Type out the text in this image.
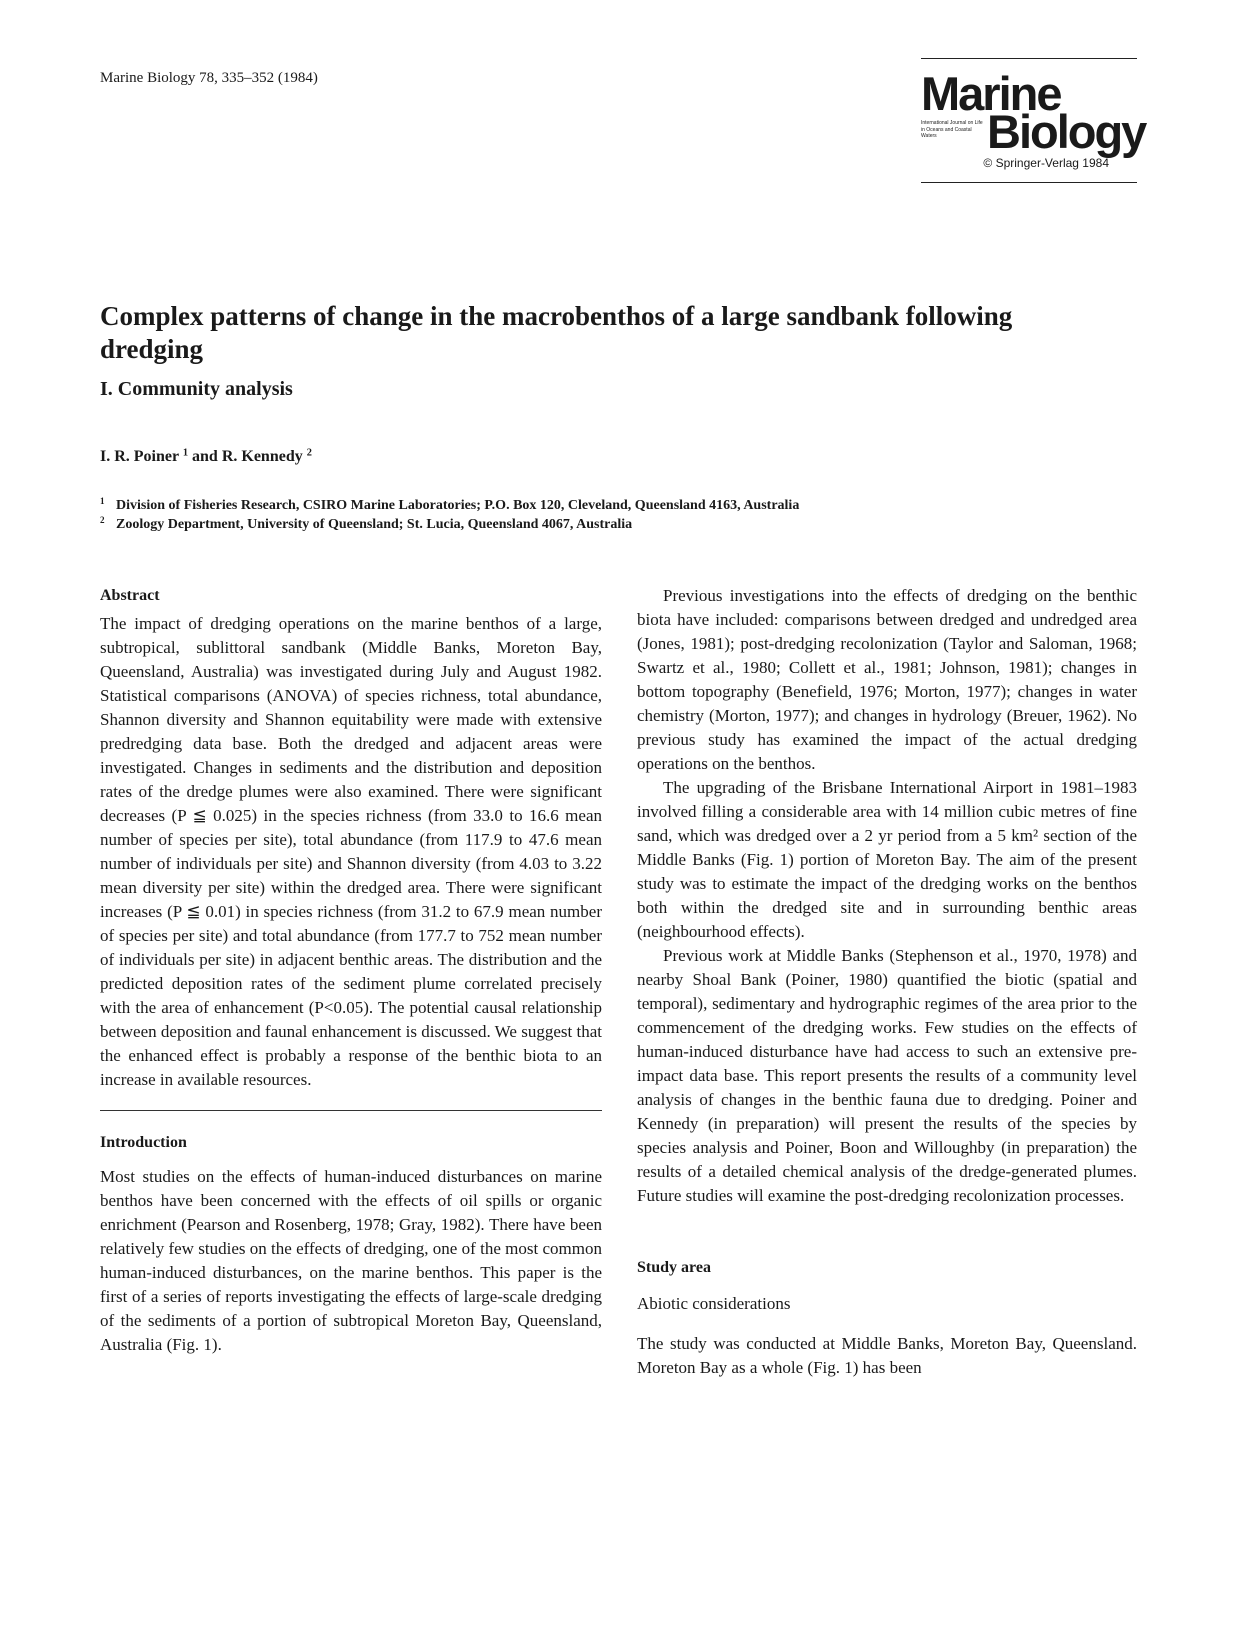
Marine Biology 78, 335–352 (1984)	Marine
International Journal on Life in Oceans and Coastal Waters	Biology
© Springer-Verlag 1984
Complex patterns of change in the macrobenthos of a large sandbank following dredging
I. Community analysis
I. R. Poiner $^1$ and R. Kennedy $^2$
$^1$ Division of Fisheries Research, CSIRO Marine Laboratories; P.O. Box 120, Cleveland, Queensland 4163, Australia
$^2$ Zoology Department, University of Queensland; St. Lucia, Queensland 4067, Australia
Abstract

The impact of dredging operations on the marine benthos of a large, subtropical, sublittoral sandbank (Middle Banks, Moreton Bay, Queensland, Australia) was investigated during July and August 1982. Statistical comparisons (ANOVA) of species richness, total abundance, Shannon diversity and Shannon equitability were made with extensive predredging data base. Both the dredged and adjacent areas were investigated. Changes in sediments and the distribution and deposition rates of the dredge plumes were also examined. There were significant decreases (P ≦ 0.025) in the species richness (from 33.0 to 16.6 mean number of species per site), total abundance (from 117.9 to 47.6 mean number of individuals per site) and Shannon diversity (from 4.03 to 3.22 mean diversity per site) within the dredged area. There were significant increases (P ≦ 0.01) in species richness (from 31.2 to 67.9 mean number of species per site) and total abundance (from 177.7 to 752 mean number of individuals per site) in adjacent benthic areas. The distribution and the predicted deposition rates of the sediment plume correlated precisely with the area of enhancement (P<0.05). The potential causal relationship between deposition and faunal enhancement is discussed. We suggest that the enhanced effect is probably a response of the benthic biota to an increase in available resources.

Introduction

Most studies on the effects of human-induced disturbances on marine benthos have been concerned with the effects of oil spills or organic enrichment (Pearson and Rosenberg, 1978; Gray, 1982). There have been relatively few studies on the effects of dredging, one of the most common human-induced disturbances, on the marine benthos. This paper is the first of a series of reports investigating the effects of large-scale dredging of the sediments of a portion of subtropical Moreton Bay, Queensland, Australia (Fig. 1).

Previous investigations into the effects of dredging on the benthic biota have included: comparisons between dredged and undredged area (Jones, 1981); post-dredging recolonization (Taylor and Saloman, 1968; Swartz et al., 1980; Collett et al., 1981; Johnson, 1981); changes in bottom topography (Benefield, 1976; Morton, 1977); changes in water chemistry (Morton, 1977); and changes in hydrology (Breuer, 1962). No previous study has examined the impact of the actual dredging operations on the benthos.

The upgrading of the Brisbane International Airport in 1981–1983 involved filling a considerable area with 14 million cubic metres of fine sand, which was dredged over a 2 yr period from a 5 km² section of the Middle Banks (Fig. 1) portion of Moreton Bay. The aim of the present study was to estimate the impact of the dredging works on the benthos both within the dredged site and in surrounding benthic areas (neighbourhood effects).

Previous work at Middle Banks (Stephenson et al., 1970, 1978) and nearby Shoal Bank (Poiner, 1980) quantified the biotic (spatial and temporal), sedimentary and hydrographic regimes of the area prior to the commencement of the dredging works. Few studies on the effects of human-induced disturbance have had access to such an extensive pre-impact data base. This report presents the results of a community level analysis of changes in the benthic fauna due to dredging. Poiner and Kennedy (in preparation) will present the results of the species by species analysis and Poiner, Boon and Willoughby (in preparation) the results of a detailed chemical analysis of the dredge-generated plumes. Future studies will examine the post-dredging recolonization processes.

Study area
Abiotic considerations

The study was conducted at Middle Banks, Moreton Bay, Queensland. Moreton Bay as a whole (Fig. 1) has been
